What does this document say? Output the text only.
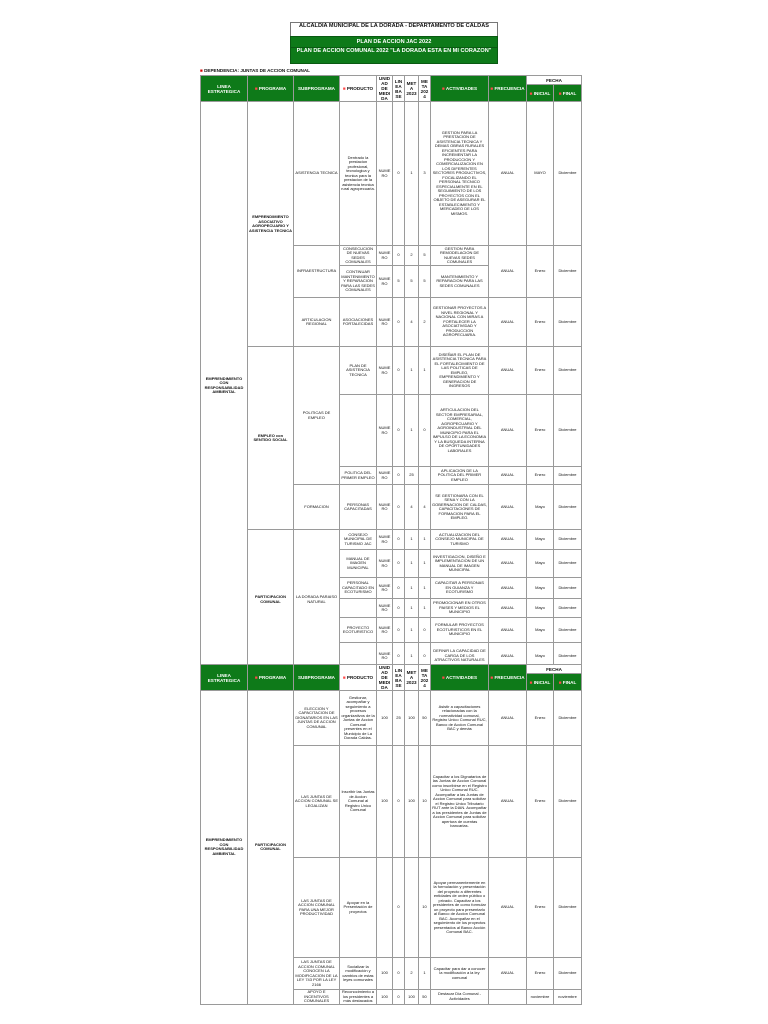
ALCALDIA MUNICIPAL DE LA DORADA - DEPARTAMENTO DE CALDAS
PLAN DE ACCION JAC 2022
PLAN DE ACCION COMUNAL 2022 "LA DORADA ESTA EN MI CORAZON"
■ DEPENDENCIA: JUNTAS DE ACCION COMUNAL
LINEA ESTRATEGICA	■ PROGRAMA	SUBPROGRAMA	■ PRODUCTO	UNIDAD DE MEDIDA	LINEA BASE	META 2023	META 2024	■ ACTIVIDADES	■ FRECUENCIA	FECHA	
										■ INICIAL	■ FINAL
EMPRENDIMIENTO CON RESPONSABILIDAD AMBIENTAL	EMPRENDIMIENTO ASOCIATIVO AGROPECUARIO Y ASISTENCIA TECNICA	ASISTENCIA TECNICA	Dentrado la prestacion profesional, tecnologica y tecnica para la prestacion de la asistencia tecnica rural agropecuaria.	NUMERO	0	1	3	GESTION PARA LA PRESTACION DE ASISTENCIA TECNICA Y DEMAS OBRAS RURALES EFICIENTES PARA INCREMENTAR LA PRODUCCION Y COMERCIALIZACION EN LOS DIFERENTES SECTORES PRODUCTIVOS, FOCALIZANDO EL PERSONAL TECNICO ESPECIALMENTE EN EL SEGUIMIENTO DE LOS PROYECTOS CON EL OBJETO DE ASEGURAR EL ESTABLECIMIENTO Y MERCADEO DE LOS MISMOS.	ANUAL	MAYO	Diciembre
		INFRAESTRUCTURA	CONSECUCION DE NUEVAS SEDES COMUNALES	NUMERO	0	2	5	GESTION PARA REMODELACION DE NUEVAS SEDES COMUNALES	ANUAL	Enero	Diciembre
			CONTINUAR MANTENIMIENTO Y REPARACION PARA LAS SEDES COMUNALES	NUMERO	5	5	5	MANTENIMIENTO Y REPARACION PARA LAS SEDES COMUNALES			
		ARTICULACION REGIONAL	ASOCIACIONES FORTALECIDAS	NUMERO	0	4	2	GESTIONAR PROYECTOS A NIVEL REGIONAL Y NACIONAL CON MIRAS A FORTALECER LA ASOCIATIVIDAD Y PRODUCCION AGROPECUARIA.	ANUAL	Enero	Diciembre
	EMPLEO con SENTIDO SOCIAL	POLITICAS DE EMPLEO	PLAN DE ASISTENCIA TECNICA	NUMERO	0	1	1	DISEÑAR EL PLAN DE ASISTENCIA TECNICA PARA EL FORTALECIMIENTO DE LAS POLITICAS DE EMPLEO, EMPRENDIMIENTO Y GENERACION DE INGRESOS	ANUAL	Enero	Diciembre
				NUMERO	0	1	0	ARTICULACION DEL SECTOR EMPRESARIAL, COMERCIAL, AGROPECUARIO Y AGROINDUSTRIAL DEL MUNICIPIO PARA EL IMPULSO DE LA ECONOMIA Y LA BUSQUEDA INTERNA DE OPORTUNIDADES LABORALES	ANUAL	Enero	Diciembre
			POLITICA DEL PRIMER EMPLEO	NUMERO	0	25		APLICACION DE LA POLITICA DEL PRIMER EMPLEO	ANUAL	Enero	Diciembre
		FORMACION	PERSONAS CAPACITADAS	NUMERO	0	4	4	SE GESTIONARA CON EL SENA Y CON LA GOBERNACION DE CALDAS, CAPACITACIONES DE FORMACION PARA EL EMPLEO.	ANUAL	Mayo	Diciembre
	PARTICIPACION COMUNAL	LA DORADA PARAISO NATURAL	CONSEJO MUNICIPAL DE TURISMO JAC	NUMERO	0	1	1	ACTUALIZACION DEL CONSEJO MUNICIPAL DE TURISMO	ANUAL	Mayo	Diciembre
			MANUAL DE IMAGEN MUNICIPAL	NUMERO	0	1	1	INVESTIGACION, DISEÑO E IMPLEMENTACION DE UN MANUAL DE IMAGEN MUNICIPAL	ANUAL	Mayo	Diciembre
			PERSONAL CAPACITADO EN ECOTURISMO	NUMERO	0	1	1	CAPACITAR A PERSONAS EN GUIANZA Y ECOTURISMO	ANUAL	Mayo	Diciembre
				NUMERO	0	1	1	PROMOCIONAR EN OTROS PAISES Y MEDIOS EL MUNICIPIO	ANUAL	Mayo	Diciembre
			PROYECTO ECOTURISTICO	NUMERO	0	1	0	FORMULAR PROYECTOS ECOTURISTICOS EN EL MUNICIPIO	ANUAL	Mayo	Diciembre
				NUMERO	0	1	0	DEFINIR LA CAPACIDAD DE CARGA DE LOS ATRACTIVOS NATURALES	ANUAL	Mayo	Diciembre
LINEA ESTRATEGICA	■ PROGRAMA	SUBPROGRAMA	■ PRODUCTO	UNIDAD DE MEDIDA	LINEA BASE	META 2023	META 2024	■ ACTIVIDADES	■ FRECUENCIA	FECHA	
										■ INICIAL	■ FINAL
EMPRENDIMIENTO CON RESPONSABILIDAD AMBIENTAL	PARTICIPACION COMUNAL	ELECCION Y CAPACITACION DE DIGNATARIOS EN LAS JUNTAS DE ACCION COMUNAL	Gestionar, acompañar y seguimiento a procesos organizativos de la Juntas de Accion Comunal presentes en el Municipio de La Dorada Caldas.	100	25	100	50	Asistir a capacitaciones relacionadas con la normatividad comunal, Registro Unico Comunal RUC, Banco de Accion Comunal BAC y demás	ANUAL	Enero	Diciembre
		LAS JUNTAS DE ACCION COMUNAL SE LEGALIZAN	Inscribir las Juntas de Accion Comunal al Registro Unico Comunal	100	0	100	10	Capacitar a los Dignatarios de las Juntas de Accion Comunal como inscribirse en el Registro Unico Comunal RUC. Acompañar a las Juntas de Accion Comunal para solicitar el Registro Unico Tributario RUT ante la DIAN. Acompañar a los presidentes de Juntas de Accion Comunal para solicitar apertura de cuentas bancarias.	ANUAL	Enero	Diciembre
		LAS JUNTAS DE ACCION COMUNAL PARA UNA MEJOR PRODUCTIVIDAD	Apoyar en la Presentación de proyectos		0		10	Apoyar permanentemente en la formulación y presentación del proyecto a diferentes entidades de orden público o privado. Capacitar a los presidentes de como formular un proyecto para presentarlo al Banco de Accion Comunal BAC. Acompañar en el seguimiento de los proyectos presentados al Banco Acción Comunal BAC.	ANUAL	Enero	Diciembre
		LAS JUNTAS DE ACCION COMUNAL CONOCEN LA MODIFICACION DE LA LEY 743 POR LA LEY 2166	Socializar la modificación y cambios de estas leyes comunales	100	0	2	1	Capacitar para dar a conocer la modificación a la ley comunal	ANUAL	Enero	Diciembre
		APOYO E INCENTIVOS COMUNALES	Reconocimiento a los presidentes a más destacados	100	0	100	50	Destacar Día Comunal - Actividades		noviembre	noviembre
